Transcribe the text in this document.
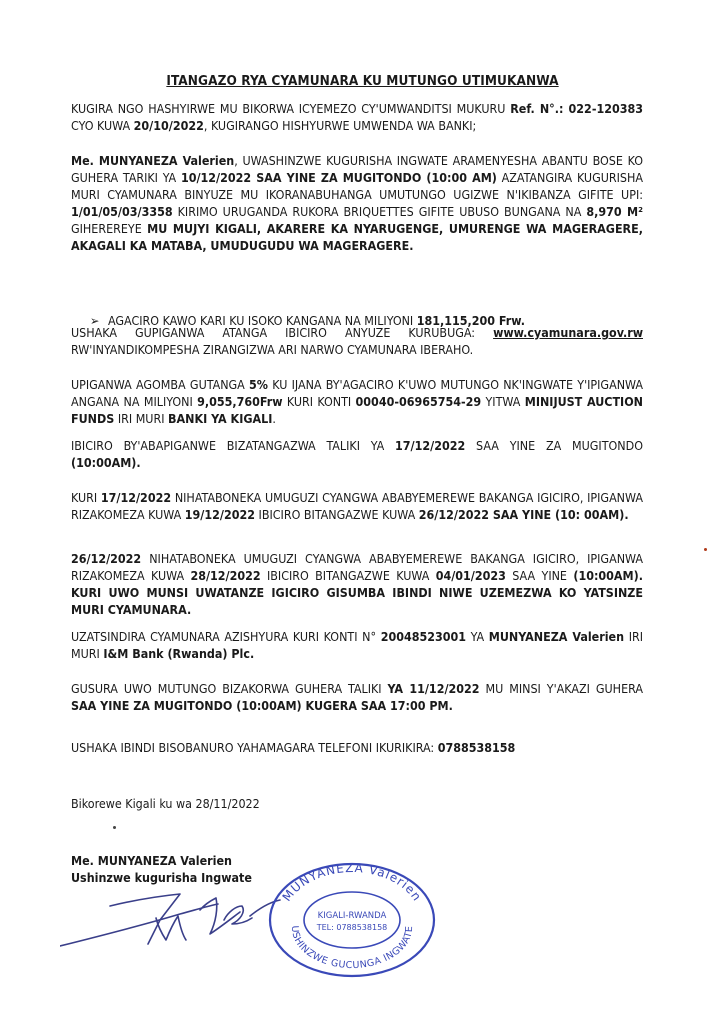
ITANGAZO RYA CYAMUNARA KU MUTUNGO UTIMUKANWA
KUGIRA NGO HASHYIRWE MU BIKORWA ICYEMEZO CY'UMWANDITSI MUKURU Ref. N°.: 022-120383 CYO KUWA 20/10/2022, KUGIRANGO HISHYURWE UMWENDA WA BANKI;
Me. MUNYANEZA Valerien, UWASHINZWE KUGURISHA INGWATE ARAMENYESHA ABANTU BOSE KO GUHERA TARIKI YA 10/12/2022 SAA YINE ZA MUGITONDO (10:00 AM) AZATANGIRA KUGURISHA MURI CYAMUNARA BINYUZE MU IKORANABUHANGA UMUTUNGO UGIZWE N'IKIBANZA GIFITE UPI: 1/01/05/03/3358 KIRIMO URUGANDA RUKORA BRIQUETTES GIFITE UBUSO BUNGANA NA 8,970 M² GIHEREREYE MU MUJYI KIGALI, AKARERE KA NYARUGENGE, UMURENGE WA MAGERAGERE, AKAGALI KA MATABA, UMUDUGUDU WA MAGERAGERE.
➢ AGACIRO KAWO KARI KU ISOKO KANGANA NA MILIYONI 181,115,200 Frw.
USHAKA GUPIGANWA ATANGA IBICIRO ANYUZE KURUBUGA: www.cyamunara.gov.rw RW'INYANDIKOMPESHA ZIRANGIZWA ARI NARWO CYAMUNARA IBERAHO.
UPIGANWA AGOMBA GUTANGA 5% KU IJANA BY'AGACIRO K'UWO MUTUNGO NK'INGWATE Y'IPIGANWA ANGANA NA MILIYONI 9,055,760Frw KURI KONTI 00040-06965754-29 YITWA MINIJUST AUCTION FUNDS IRI MURI BANKI YA KIGALI.
IBICIRO BY'ABAPIGANWE BIZATANGAZWA TALIKI YA 17/12/2022 SAA YINE ZA MUGITONDO (10:00AM).
KURI 17/12/2022 NIHATABONEKA UMUGUZI CYANGWA ABABYEMEREWE BAKANGA IGICIRO, IPIGANWA RIZAKOMEZA KUWA 19/12/2022 IBICIRO BITANGAZWE KUWA 26/12/2022 SAA YINE (10: 00AM).
26/12/2022 NIHATABONEKA UMUGUZI CYANGWA ABABYEMEREWE BAKANGA IGICIRO, IPIGANWA RIZAKOMEZA KUWA 28/12/2022 IBICIRO BITANGAZWE KUWA 04/01/2023 SAA YINE (10:00AM). KURI UWO MUNSI UWATANZE IGICIRO GISUMBA IBINDI NIWE UZEMEZWA KO YATSINZE MURI CYAMUNARA.
UZATSINDIRA CYAMUNARA AZISHYURA KURI KONTI N° 20048523001 YA MUNYANEZA Valerien IRI MURI I&M Bank (Rwanda) Plc.
GUSURA UWO MUTUNGO BIZAKORWA GUHERA TALIKI YA 11/12/2022 MU MINSI Y'AKAZI GUHERA SAA YINE ZA MUGITONDO (10:00AM) KUGERA SAA 17:00 PM.
USHAKA IBINDI BISOBANURO YAHAMAGARA TELEFONI IKURIKIRA: 0788538158
Bikorewe Kigali ku wa 28/11/2022
Me. MUNYANEZA Valerien
Ushinzwe kugurisha Ingwate
MUNYANEZA Valerien
USHINZWE GUCUNGA INGWATE
KIGALI-RWANDA
TEL: 0788538158
